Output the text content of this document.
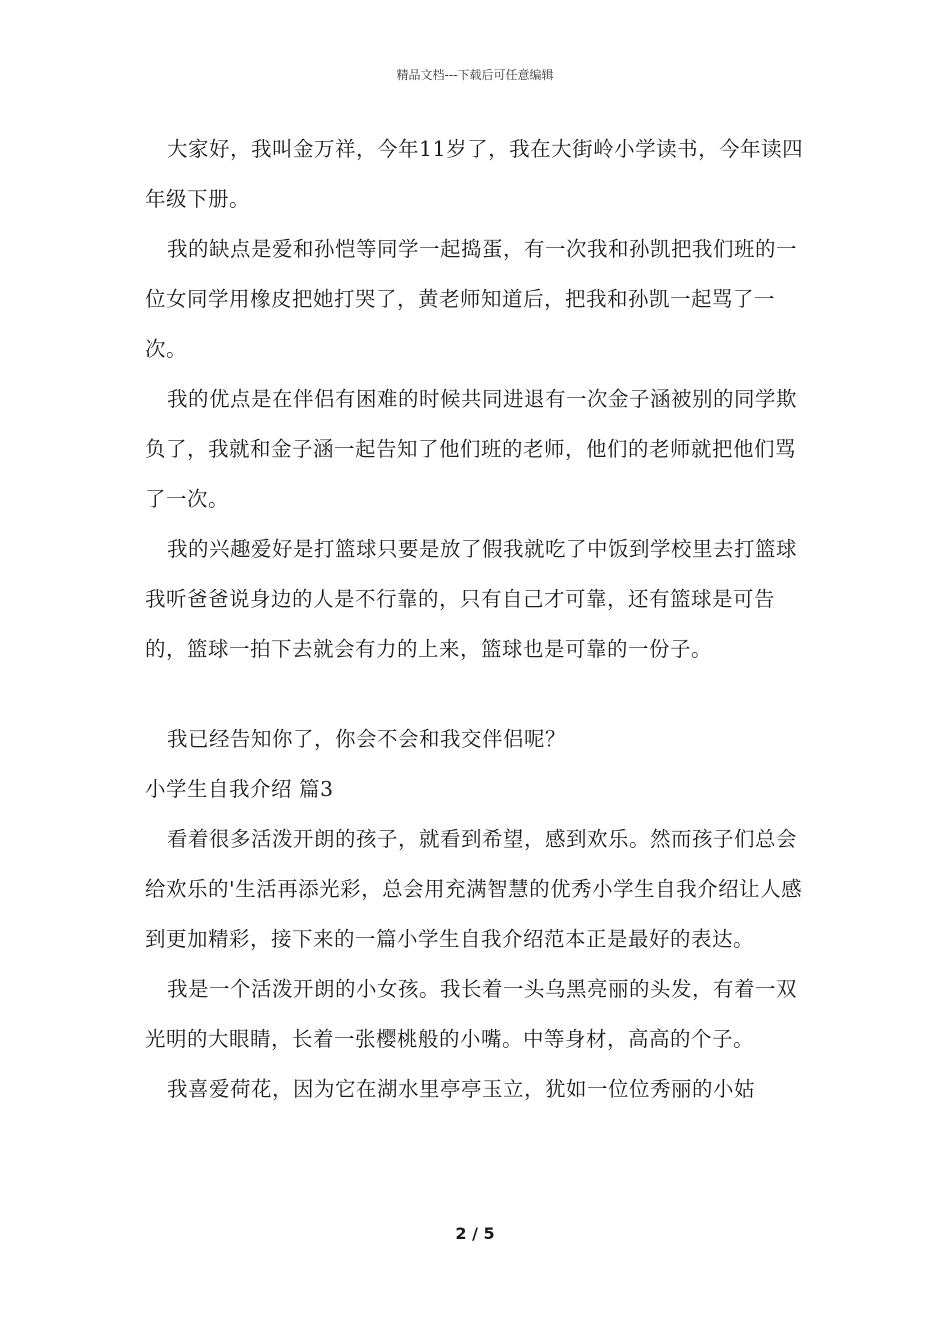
精品文档---下载后可任意编辑

大家好，我叫金万祥，今年11岁了，我在大街岭小学读书，今年读四年级下册。

我的缺点是爱和孙恺等同学一起捣蛋，有一次我和孙凯把我们班的一位女同学用橡皮把她打哭了，黄老师知道后，把我和孙凯一起骂了一次。

我的优点是在伴侣有困难的时候共同进退有一次金子涵被别的同学欺负了，我就和金子涵一起告知了他们班的老师，他们的老师就把他们骂了一次。

我的兴趣爱好是打篮球只要是放了假我就吃了中饭到学校里去打篮球我听爸爸说身边的人是不行靠的，只有自己才可靠，还有篮球是可告的，篮球一拍下去就会有力的上来，篮球也是可靠的一份子。

我已经告知你了，你会不会和我交伴侣呢？

小学生自我介绍 篇3

看着很多活泼开朗的孩子，就看到希望，感到欢乐。然而孩子们总会给欢乐的'生活再添光彩，总会用充满智慧的优秀小学生自我介绍让人感到更加精彩，接下来的一篇小学生自我介绍范本正是最好的表达。

我是一个活泼开朗的小女孩。我长着一头乌黑亮丽的头发，有着一双光明的大眼睛，长着一张樱桃般的小嘴。中等身材，高高的个子。

我喜爱荷花，因为它在湖水里亭亭玉立，犹如一位位秀丽的小姑

2 / 5
